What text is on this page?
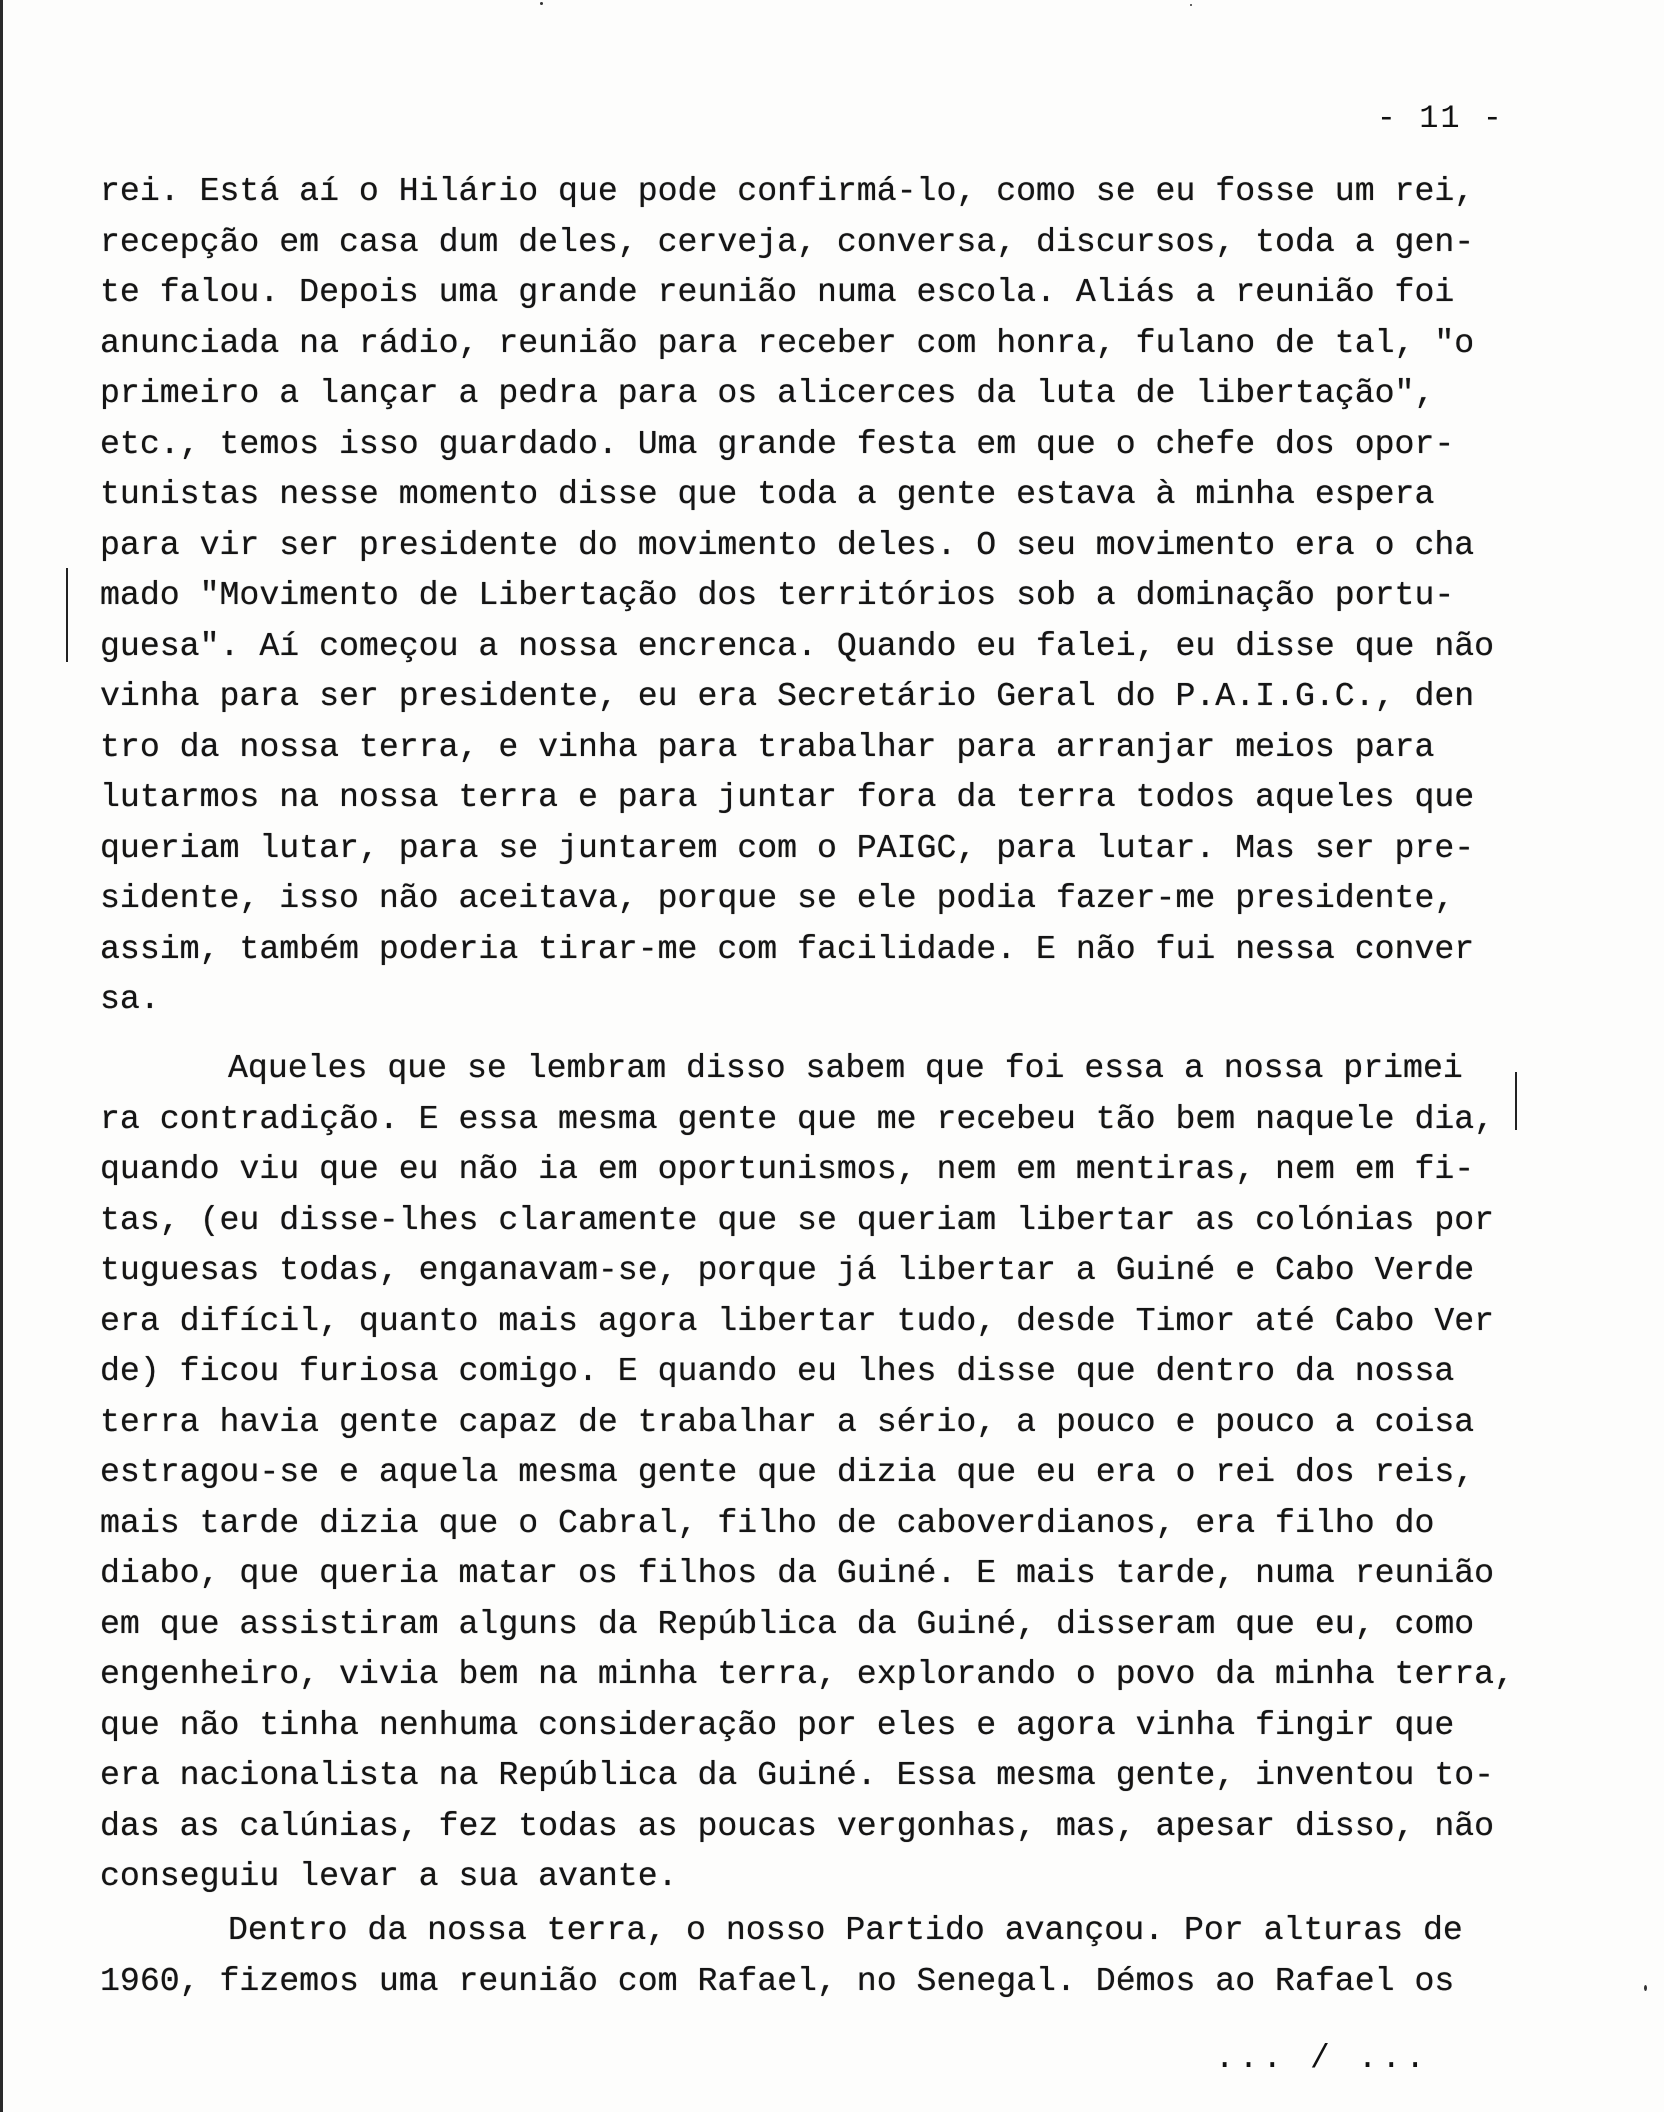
- 11 -
rei. Está aí o Hilário que pode confirmá-lo, como se eu fosse um rei,
recepção em casa dum deles, cerveja, conversa, discursos, toda a gen-
te falou. Depois uma grande reunião numa escola. Aliás a reunião foi
anunciada na rádio, reunião para receber com honra, fulano de tal, "o
primeiro a lançar a pedra para os alicerces da luta de libertação",
etc., temos isso guardado. Uma grande festa em que o chefe dos opor-
tunistas nesse momento disse que toda a gente estava à minha espera
para vir ser presidente do movimento deles. O seu movimento era o cha
mado "Movimento de Libertação dos territórios sob a dominação portu-
guesa". Aí começou a nossa encrenca. Quando eu falei, eu disse que não
vinha para ser presidente, eu era Secretário Geral do P.A.I.G.C., den
tro da nossa terra, e vinha para trabalhar para arranjar meios para
lutarmos na nossa terra e para juntar fora da terra todos aqueles que
queriam lutar, para se juntarem com o PAIGC, para lutar. Mas ser pre-
sidente, isso não aceitava, porque se ele podia fazer-me presidente,
assim, também poderia tirar-me com facilidade. E não fui nessa conver
sa.
Aqueles que se lembram disso sabem que foi essa a nossa primei
ra contradição. E essa mesma gente que me recebeu tão bem naquele dia,
quando viu que eu não ia em oportunismos, nem em mentiras, nem em fi-
tas, (eu disse-lhes claramente que se queriam libertar as colónias por
tuguesas todas, enganavam-se, porque já libertar a Guiné e Cabo Verde
era difícil, quanto mais agora libertar tudo, desde Timor até Cabo Ver
de) ficou furiosa comigo. E quando eu lhes disse que dentro da nossa
terra havia gente capaz de trabalhar a sério, a pouco e pouco a coisa
estragou-se e aquela mesma gente que dizia que eu era o rei dos reis,
mais tarde dizia que o Cabral, filho de caboverdianos, era filho do
diabo, que queria matar os filhos da Guiné. E mais tarde, numa reunião
em que assistiram alguns da República da Guiné, disseram que eu, como
engenheiro, vivia bem na minha terra, explorando o povo da minha terra,
que não tinha nenhuma consideração por eles e agora vinha fingir que
era nacionalista na República da Guiné. Essa mesma gente, inventou to-
das as calúnias, fez todas as poucas vergonhas, mas, apesar disso, não
conseguiu levar a sua avante.
Dentro da nossa terra, o nosso Partido avançou. Por alturas de
1960, fizemos uma reunião com Rafael, no Senegal. Démos ao Rafael os
... / ...
